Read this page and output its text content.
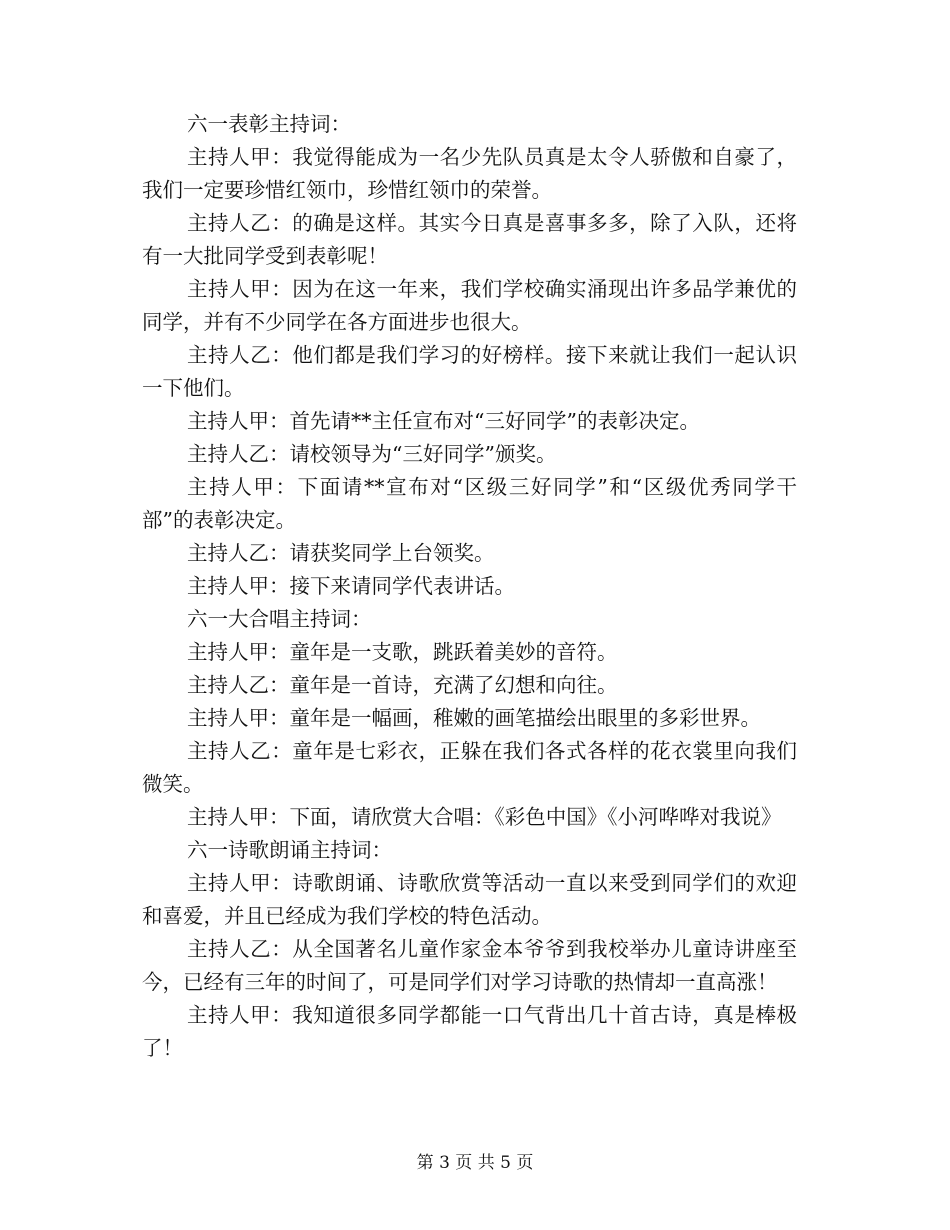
六一表彰主持词：

主持人甲：我觉得能成为一名少先队员真是太令人骄傲和自豪了，我们一定要珍惜红领巾，珍惜红领巾的荣誉。

主持人乙：的确是这样。其实今日真是喜事多多，除了入队，还将有一大批同学受到表彰呢！

主持人甲：因为在这一年来，我们学校确实涌现出许多品学兼优的同学，并有不少同学在各方面进步也很大。

主持人乙：他们都是我们学习的好榜样。接下来就让我们一起认识一下他们。

主持人甲：首先请**主任宣布对“三好同学”的表彰决定。

主持人乙：请校领导为“三好同学”颁奖。

主持人甲：下面请**宣布对“区级三好同学”和“区级优秀同学干部”的表彰决定。

主持人乙：请获奖同学上台领奖。

主持人甲：接下来请同学代表讲话。

六一大合唱主持词：

主持人甲：童年是一支歌，跳跃着美妙的音符。

主持人乙：童年是一首诗，充满了幻想和向往。

主持人甲：童年是一幅画，稚嫩的画笔描绘出眼里的多彩世界。

主持人乙：童年是七彩衣，正躲在我们各式各样的花衣裳里向我们微笑。

主持人甲：下面，请欣赏大合唱：《彩色中国》《小河哗哗对我说》

六一诗歌朗诵主持词：

主持人甲：诗歌朗诵、诗歌欣赏等活动一直以来受到同学们的欢迎和喜爱，并且已经成为我们学校的特色活动。

主持人乙：从全国著名儿童作家金本爷爷到我校举办儿童诗讲座至今，已经有三年的时间了，可是同学们对学习诗歌的热情却一直高涨！

主持人甲：我知道很多同学都能一口气背出几十首古诗，真是棒极了！

第 3 页 共 5 页
